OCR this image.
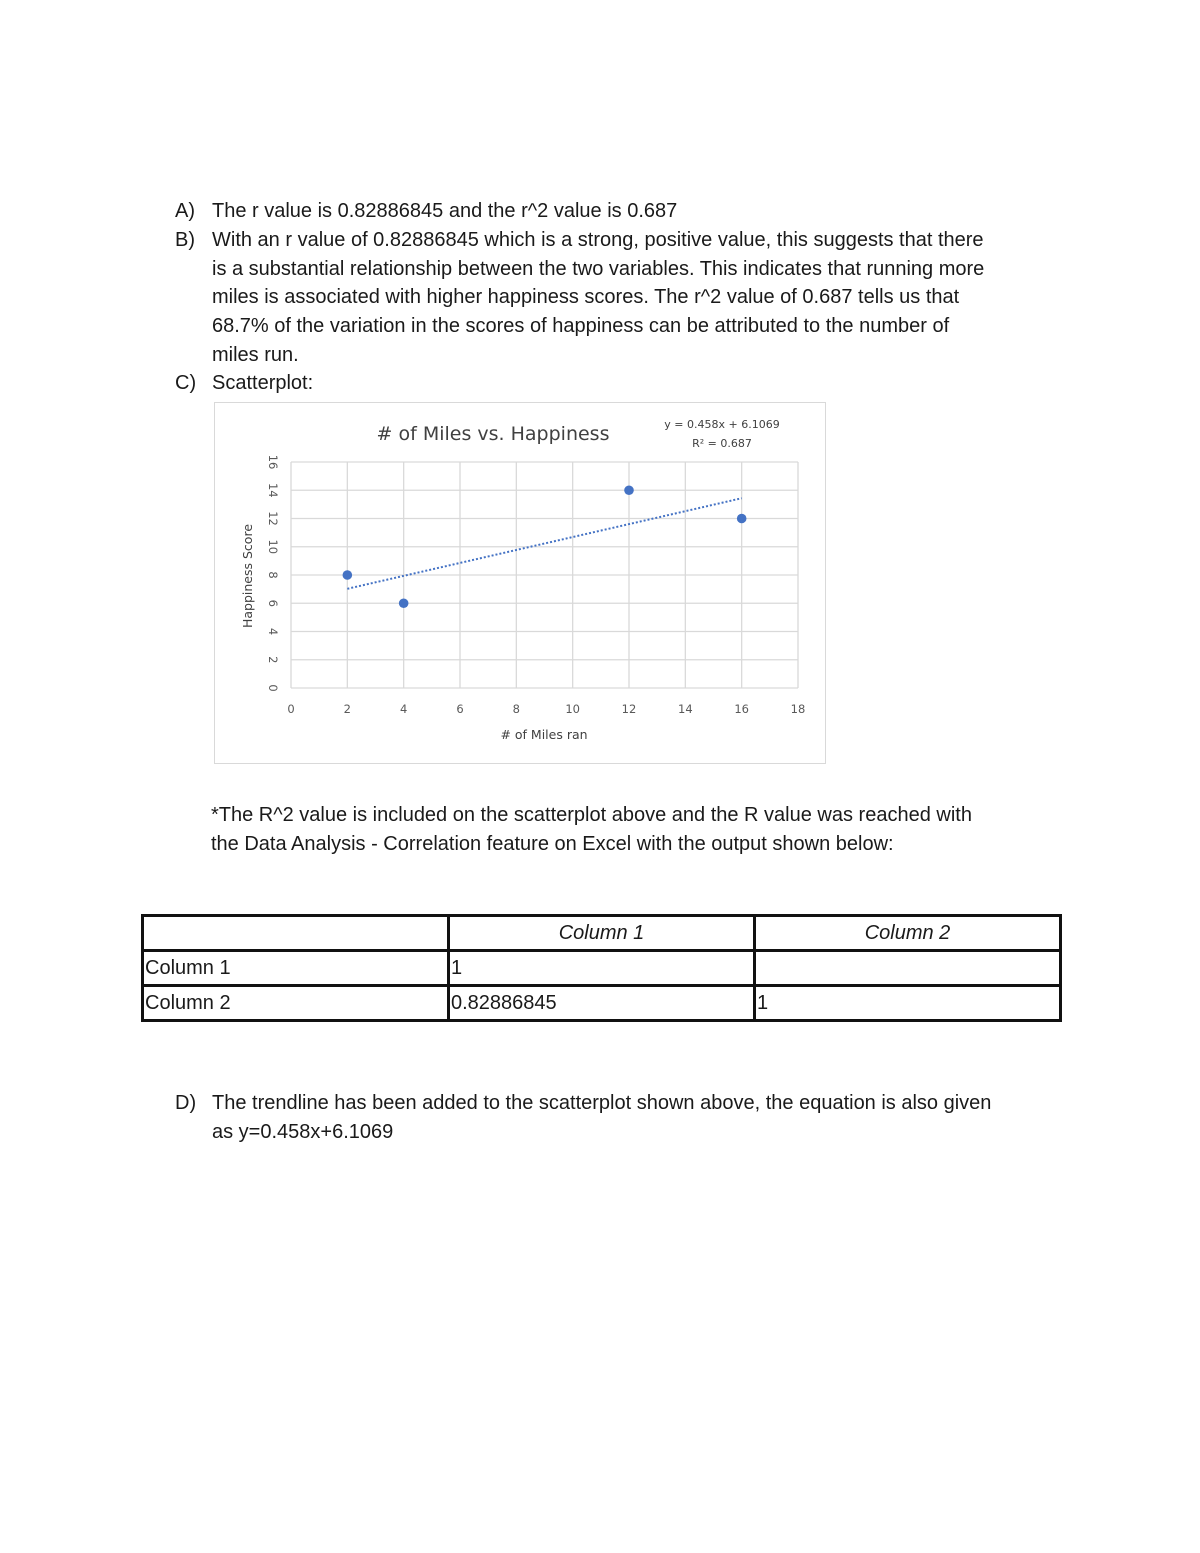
A) The r value is 0.82886845 and the r^2 value is 0.687
B) With an r value of 0.82886845 which is a strong, positive value, this suggests that there
is a substantial relationship between the two variables. This indicates that running more
miles is associated with higher happiness scores. The r^2 value of 0.687 tells us that
68.7% of the variation in the scores of happiness can be attributed to the number of
miles run.
C) Scatterplot:
0	2	4	6	8	10	12	14	16	18
0
2
4
6
8
10
12
14
16
# of Miles vs. Happiness	y = 0.458x + 6.1069
R² = 0.687
# of Miles ran
Happiness Score
*The R^2 value is included on the scatterplot above and the R value was reached with
the Data Analysis - Correlation feature on Excel with the output shown below:
	Column 1	Column 2
Column 1	1	
Column 2	0.82886845	1
D) The trendline has been added to the scatterplot shown above, the equation is also given
as y=0.458x+6.1069
